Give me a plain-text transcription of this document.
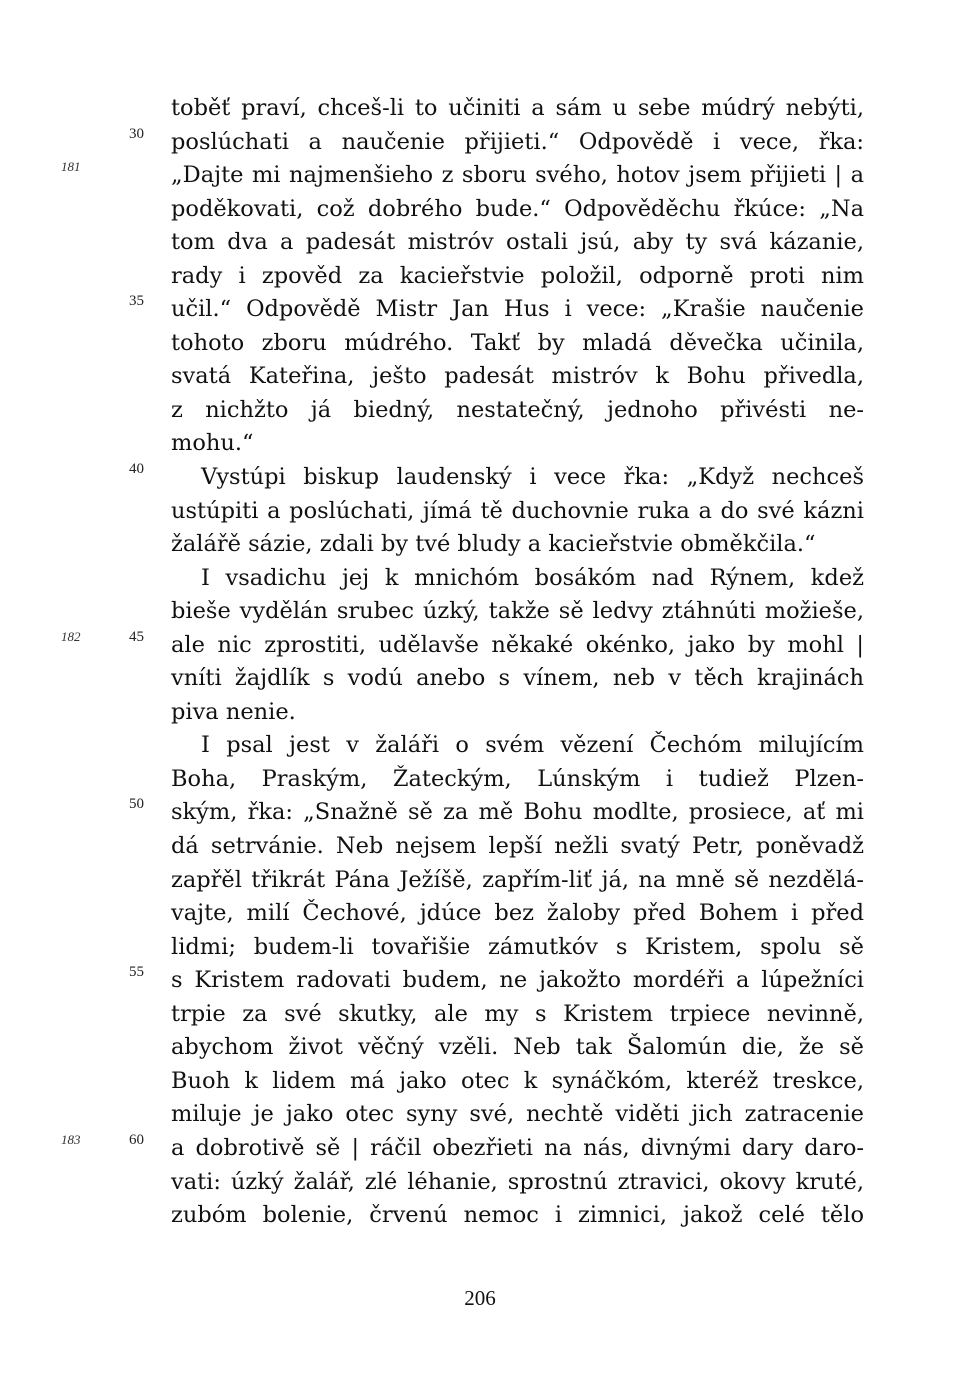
toběť praví, chceš-li to učiniti a sám u sebe múdrý nebýti,
poslúchati a naučenie přijieti.“ Odpovědě i vece, řka:
30
„Dajte mi najmenšieho z sboru svého, hotov jsem přijieti | a
181
poděkovati, což dobrého bude.“ Odpověděchu řkúce: „Na
tom dva a padesát mistróv ostali jsú, aby ty svá kázanie,
rady i zpověd za kacieřstvie položil, odporně proti nim
učil.“ Odpovědě Mistr Jan Hus i vece: „Krašie naučenie
35
tohoto zboru múdrého. Takť by mladá děvečka učinila,
svatá Kateřina, ješto padesát mistróv k Bohu přivedla,
z nichžto já biedný, nestatečný, jednoho přivésti ne-
mohu.“
Vystúpi biskup laudenský i vece řka: „Když nechceš
40
ustúpiti a poslúchati, jímá tě duchovnie ruka a do své kázni
žalářě sázie, zdali by tvé bludy a kacieřstvie obměkčila.“
I vsadichu jej k mnichóm bosákóm nad Rýnem, kdež
bieše vydělán srubec úzký, takže sě ledvy ztáhnúti možieše,
ale nic zprostiti, udělavše někaké okénko, jako by mohl |
45
182
vníti žajdlík s vodú anebo s vínem, neb v těch krajinách
piva nenie.
I psal jest v žaláři o svém vězení Čechóm milujícím
Boha, Praským, Žateckým, Lúnským i tudiež Plzen-
ským, řka: „Snažně sě za mě Bohu modlte, prosiece, ať mi
50
dá setrvánie. Neb nejsem lepší nežli svatý Petr, poněvadž
zapřěl třikrát Pána Ježíšě, zapřím-liť já, na mně sě nezdělá-
vajte, milí Čechové, jdúce bez žaloby před Bohem i před
lidmi; budem-li tovařišie zámutkóv s Kristem, spolu sě
s Kristem radovati budem, ne jakožto mordéři a lúpežníci
55
trpie za své skutky, ale my s Kristem trpiece nevinně,
abychom život věčný vzěli. Neb tak Šalomún die, že sě
Buoh k lidem má jako otec k synáčkóm, kteréž treskce,
miluje je jako otec syny své, nechtě viděti jich zatracenie
a dobrotivě sě | ráčil obezřieti na nás, divnými dary daro-
60
183
vati: úzký žalář, zlé léhanie, sprostnú ztravici, okovy kruté,
zubóm bolenie, črvenú nemoc i zimnici, jakož celé tělo
206
